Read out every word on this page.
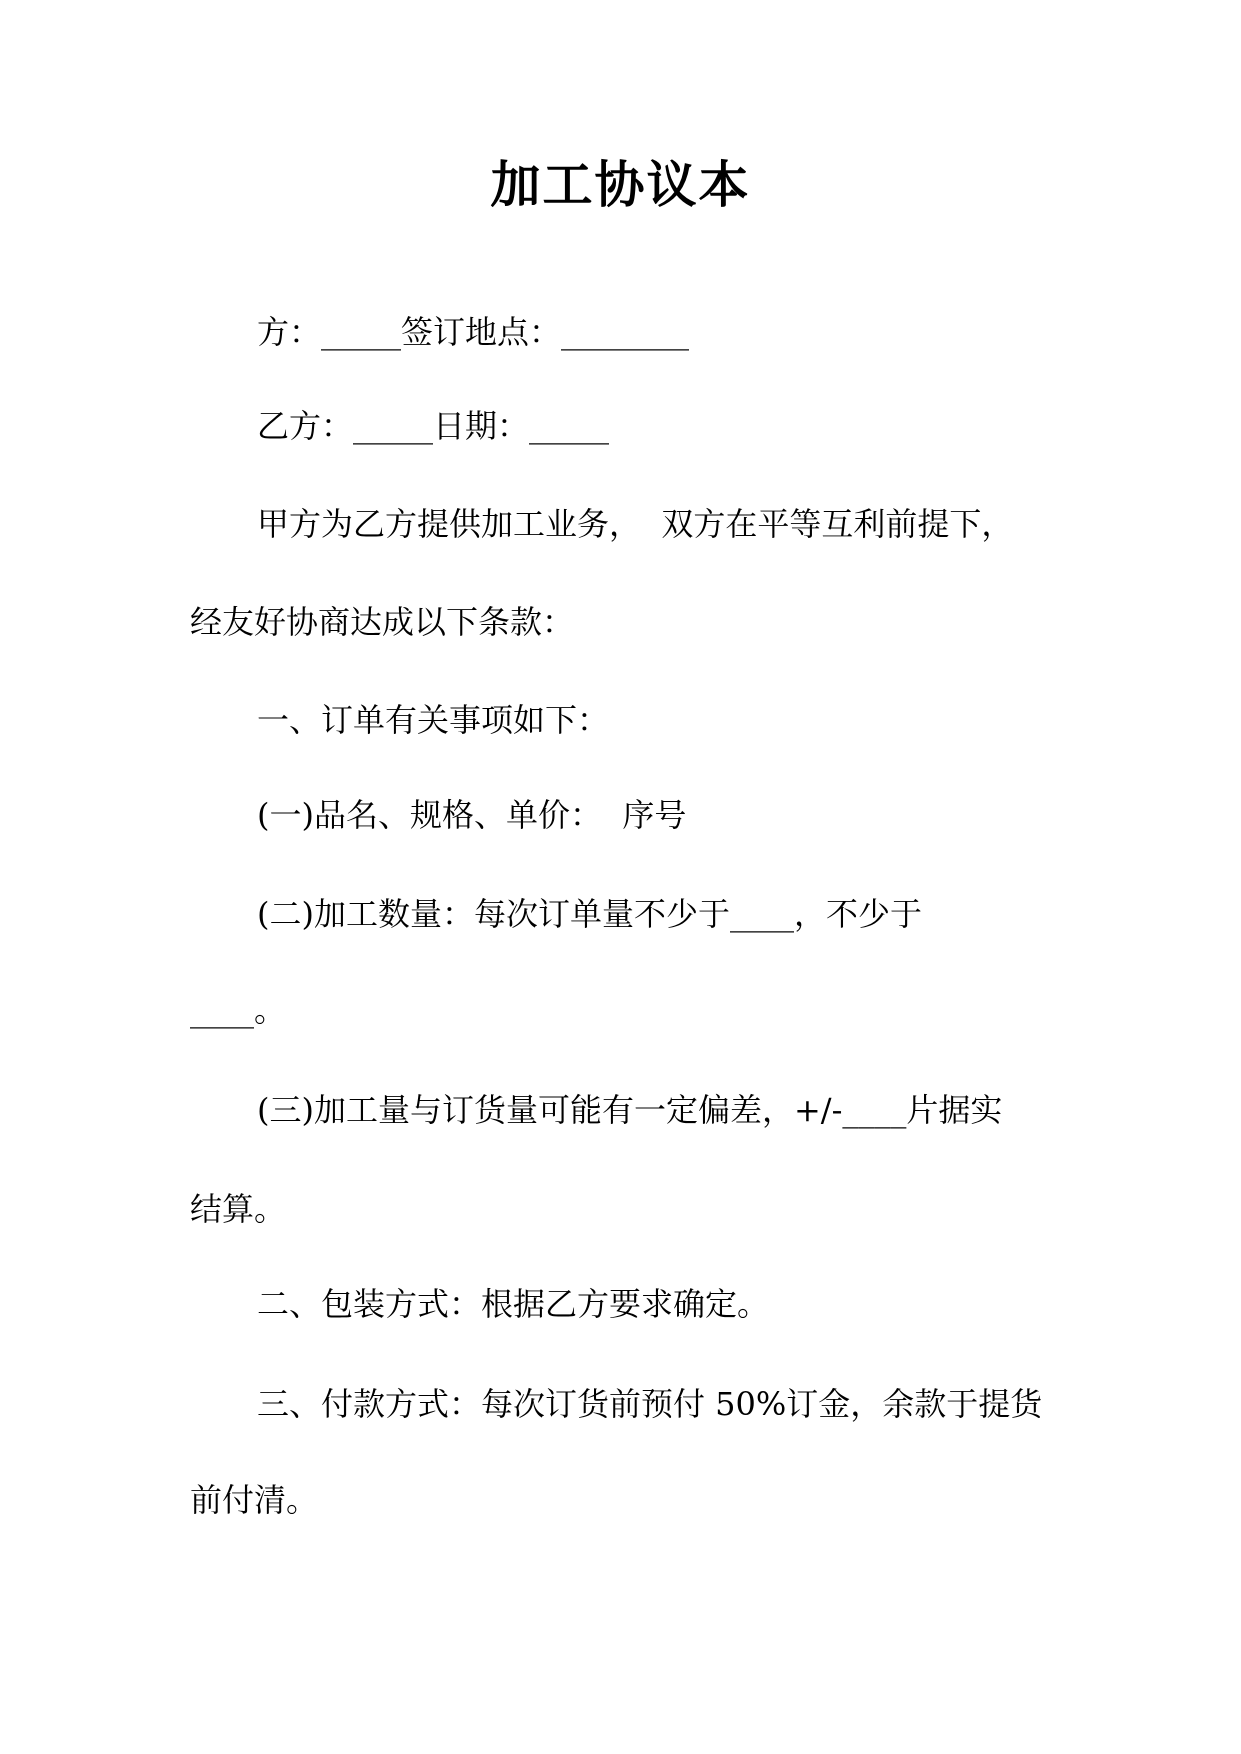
加工协议本
方：_____签订地点：________
乙方：_____日期：_____
甲方为乙方提供加工业务，  双方在平等互利前提下，
经友好协商达成以下条款：
一、订单有关事项如下：
(一)品名、规格、单价：  序号
(二)加工数量：每次订单量不少于____，不少于
____。
(三)加工量与订货量可能有一定偏差，+/-____片据实
结算。
二、包装方式：根据乙方要求确定。
三、付款方式：每次订货前预付 50%订金，余款于提货
前付清。
